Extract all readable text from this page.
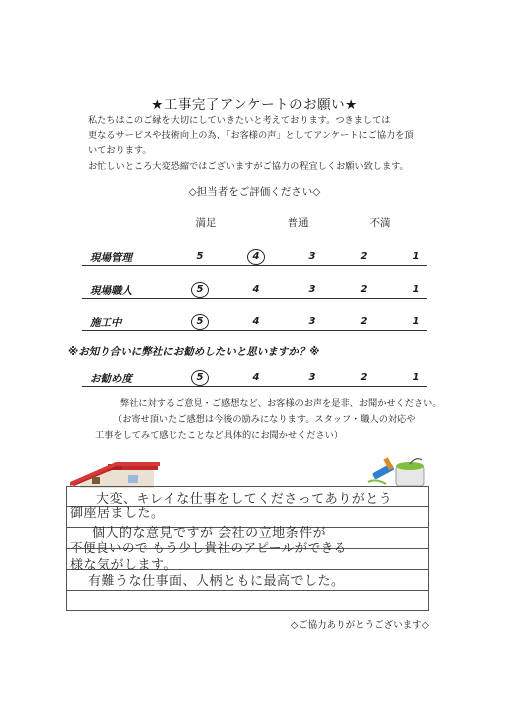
★工事完了アンケートのお願い★
私たちはこのご縁を大切にしていきたいと考えております。つきましては
更なるサービスや技術向上の為、「お客様の声」としてアンケートにご協力を頂
いております。
お忙しいところ大変恐縮ではございますがご協力の程宜しくお願い致します。
◇担当者をご評価ください◇
満足	普通	不満
現場管理	5	4	3	2	1
現場職人	5	4	3	2	1
施工中	5	4	3	2	1
※お知り合いに弊社にお勧めしたいと思いますか？※
お勧め度	5	4	3	2	1
弊社に対するご意見・ご感想など、お客様のお声を是非、お聞かせください。
（お寄せ頂いたご感想は今後の励みになります。スタッフ・職人の対応や
工事をしてみて感じたことなど具体的にお聞かせください）
大変、キレイな仕事をしてくださってありがとう
御座居ました。
個人的な意見ですが 会社の立地条件が
不便良いので もう少し貴社のアピールができる
様な気がします。
有難うな仕事面、人柄ともに最高でした。
◇ご協力ありがとうございます◇
